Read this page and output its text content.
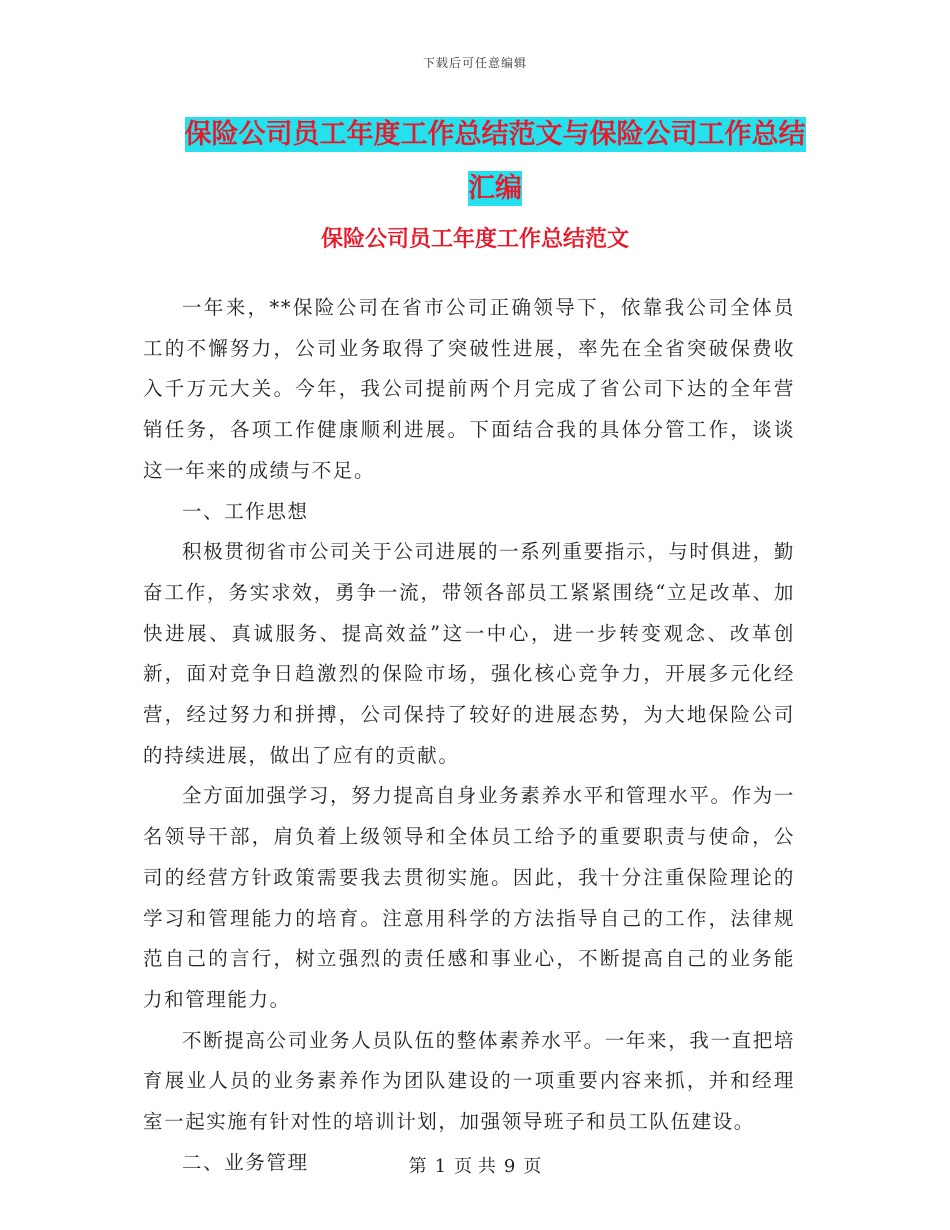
下载后可任意编辑
保险公司员工年度工作总结范文与保险公司工作总结汇编
保险公司员工年度工作总结范文

一年来，**保险公司在省市公司正确领导下，依靠我公司全体员工的不懈努力，公司业务取得了突破性进展，率先在全省突破保费收入千万元大关。今年，我公司提前两个月完成了省公司下达的全年营销任务，各项工作健康顺利进展。下面结合我的具体分管工作，谈谈这一年来的成绩与不足。

一、工作思想

积极贯彻省市公司关于公司进展的一系列重要指示，与时俱进，勤奋工作，务实求效，勇争一流，带领各部员工紧紧围绕“立足改革、加快进展、真诚服务、提高效益”这一中心，进一步转变观念、改革创新，面对竞争日趋激烈的保险市场，强化核心竞争力，开展多元化经营，经过努力和拼搏，公司保持了较好的进展态势，为大地保险公司的持续进展，做出了应有的贡献。

全方面加强学习，努力提高自身业务素养水平和管理水平。作为一名领导干部，肩负着上级领导和全体员工给予的重要职责与使命，公司的经营方针政策需要我去贯彻实施。因此，我十分注重保险理论的学习和管理能力的培育。注意用科学的方法指导自己的工作，法律规范自己的言行，树立强烈的责任感和事业心，不断提高自己的业务能力和管理能力。

不断提高公司业务人员队伍的整体素养水平。一年来，我一直把培育展业人员的业务素养作为团队建设的一项重要内容来抓，并和经理室一起实施有针对性的培训计划，加强领导班子和员工队伍建设。

二、业务管理	第 1 页 共 9 页
